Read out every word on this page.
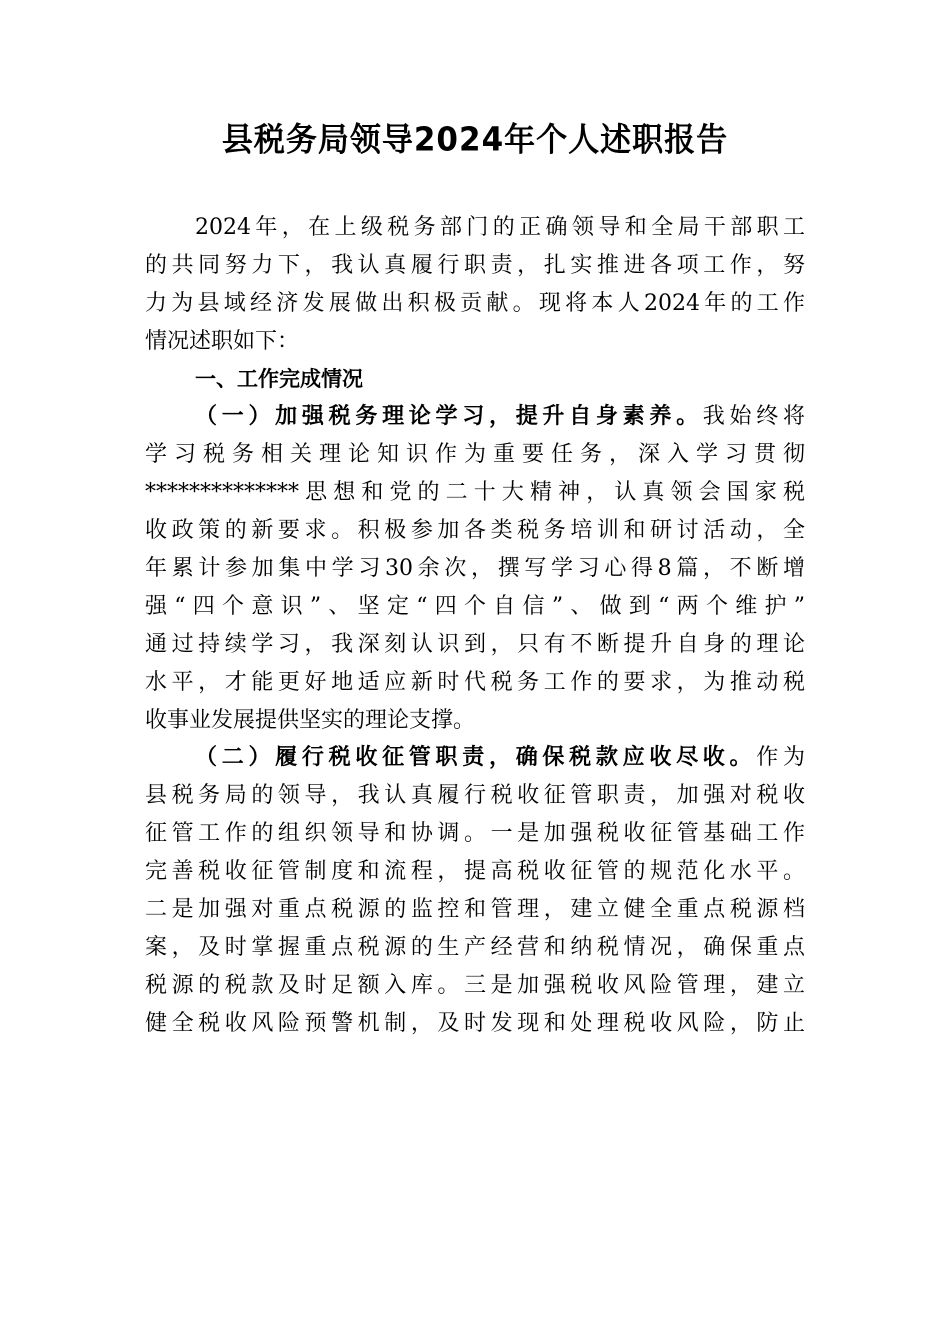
县税务局领导2024年个人述职报告
2024年，在上级税务部门的正确领导和全局干部职工
的共同努力下，我认真履行职责，扎实推进各项工作，努
力为县域经济发展做出积极贡献。现将本人2024年的工作
情况述职如下：
一、工作完成情况
（一）加强税务理论学习，提升自身素养。我始终将
学习税务相关理论知识作为重要任务，深入学习贯彻
**************思想和党的二十大精神，认真领会国家税
收政策的新要求。积极参加各类税务培训和研讨活动，全
年累计参加集中学习30余次，撰写学习心得8篇，不断增
强“四个意识”、坚定“四个自信”、做到“两个维护”
通过持续学习，我深刻认识到，只有不断提升自身的理论
水平，才能更好地适应新时代税务工作的要求，为推动税
收事业发展提供坚实的理论支撑。
（二）履行税收征管职责，确保税款应收尽收。作为
县税务局的领导，我认真履行税收征管职责，加强对税收
征管工作的组织领导和协调。一是加强税收征管基础工作
完善税收征管制度和流程，提高税收征管的规范化水平。
二是加强对重点税源的监控和管理，建立健全重点税源档
案，及时掌握重点税源的生产经营和纳税情况，确保重点
税源的税款及时足额入库。三是加强税收风险管理，建立
健全税收风险预警机制，及时发现和处理税收风险，防止
